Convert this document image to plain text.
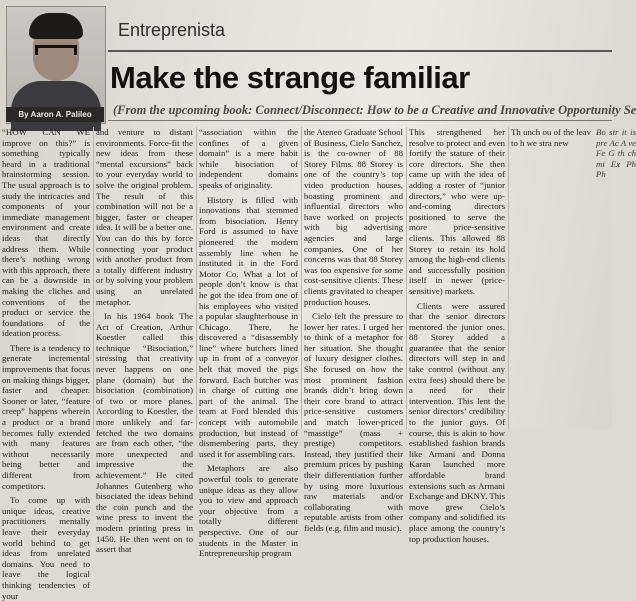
By Aaron A. Palileo
Entreprenista
Make the strange familiar
(From the upcoming book: Connect/Disconnect: How to be a Creative and Innovative Opportunity Se

“HOW CAN WE improve on this?” is something typically heard in a traditional brainstorming session. The usual approach is to study the intricacies and components of your immediate management environment and create ideas that directly address them. While there’s nothing wrong with this approach, there can be a downside in making the cliches and conventions of the product or service the foundations of the ideation process.

There is a tendency to generate incremental improvements that focus on making things bigger, faster and cheaper. Sooner or later, “feature creep” happens wherein a product or a brand becomes fully extended with many features without necessarily being better and different from competitors.

To come up with unique ideas, creative practitioners mentally leave their everyday world behind to get ideas from unrelated domains. You need to leave the logical thinking tendencies of your

and venture to distant environments. Force-fit the new ideas from these “mental excursions” back to your everyday world to solve the original problem. The result of this combination will not be a bigger, faster or cheaper idea. It will be a better one. You can do this by force connecting your product with another product from a totally different industry or by solving your problem using an unrelated metaphor.

In his 1964 book The Act of Creation, Arthur Koestler called this technique “Bisociation,” stressing that creativity never happens on one plane (domain) but the bisociation (combination) of two or more planes. According to Koestler, the more unlikely and far-fetched the two domains are from each other, “the more unexpected and impressive the achievement.” He cited Johannes Gutenberg who bisociated the ideas behind the coin punch and the wine press to invent the modern printing press in 1450. He then went on to assert that

“association within the confines of a given domain” is a mere habit while bisociation of independent domains speaks of originality.

History is filled with innovations that stemmed from bisociation. Henry Ford is assumed to have pioneered the modern assembly line when he instituted it in the Ford Motor Co. What a lot of people don’t know is that he got the idea from one of his employees who visited a popular slaughterhouse in Chicago. There, he discovered a “disassembly line” where butchers lined up in front of a conveyor belt that moved the pigs forward. Each butcher was in charge of cutting one part of the animal. The team at Ford blended this concept with automobile production, but instead of dismembering parts, they used it for assembling cars.

Metaphors are also powerful tools to generate unique ideas as they allow you to view and approach your objective from a totally different perspective. One of our students in the Master in Entrepreneurship program

the Ateneo Graduate School of Business, Cielo Sanchez, is the co-owner of 88 Storey Films. 88 Storey is one of the country’s top video production houses, boasting prominent and influential directors who have worked on projects with big advertising agencies and large companies. One of her concerns was that 88 Storey was too expensive for some cost-sensitive clients. These clients gravitated to cheaper production houses.

Cielo felt the pressure to lower her rates. I urged her to think of a metaphor for her situation. She thought of luxury designer clothes. She focused on how the most prominent fashion brands didn’t bring down their core brand to attract price-sensitive customers and match lower-priced “masstige” (mass + prestige) competitors. Instead, they justified their premium prices by pushing their differentiation further by using more luxurious raw materials and/or collaborating with reputable artists from other fields (e.g. film and music).

This strengthened her resolve to protect and even fortify the stature of their core directors. She then came up with the idea of adding a roster of “junior directors,” who were up-and-coming directors positioned to serve the more price-sensitive clients. This allowed 88 Storey to retain its hold among the high-end clients and successfully position itself in newer (price-sensitive) markets.

Clients were assured that the senior directors mentored the junior ones. 88 Storey added a guarantee that the senior directors will step in and take control (without any extra fees) should there be a need for their intervention. This lent the senior directors’ credibility to the junior guys. Of course, this is akin to how established fashion brands like Armani and Donna Karan launched more affordable brand extensions such as Armani Exchange and DKNY. This move grew Cielo’s company and solidified its place among the country’s top production houses.

Th unch ou of the leav to h we stra new

Bo str it is pre Ac A ve Fe G th ch mi Ex Ph Ph
